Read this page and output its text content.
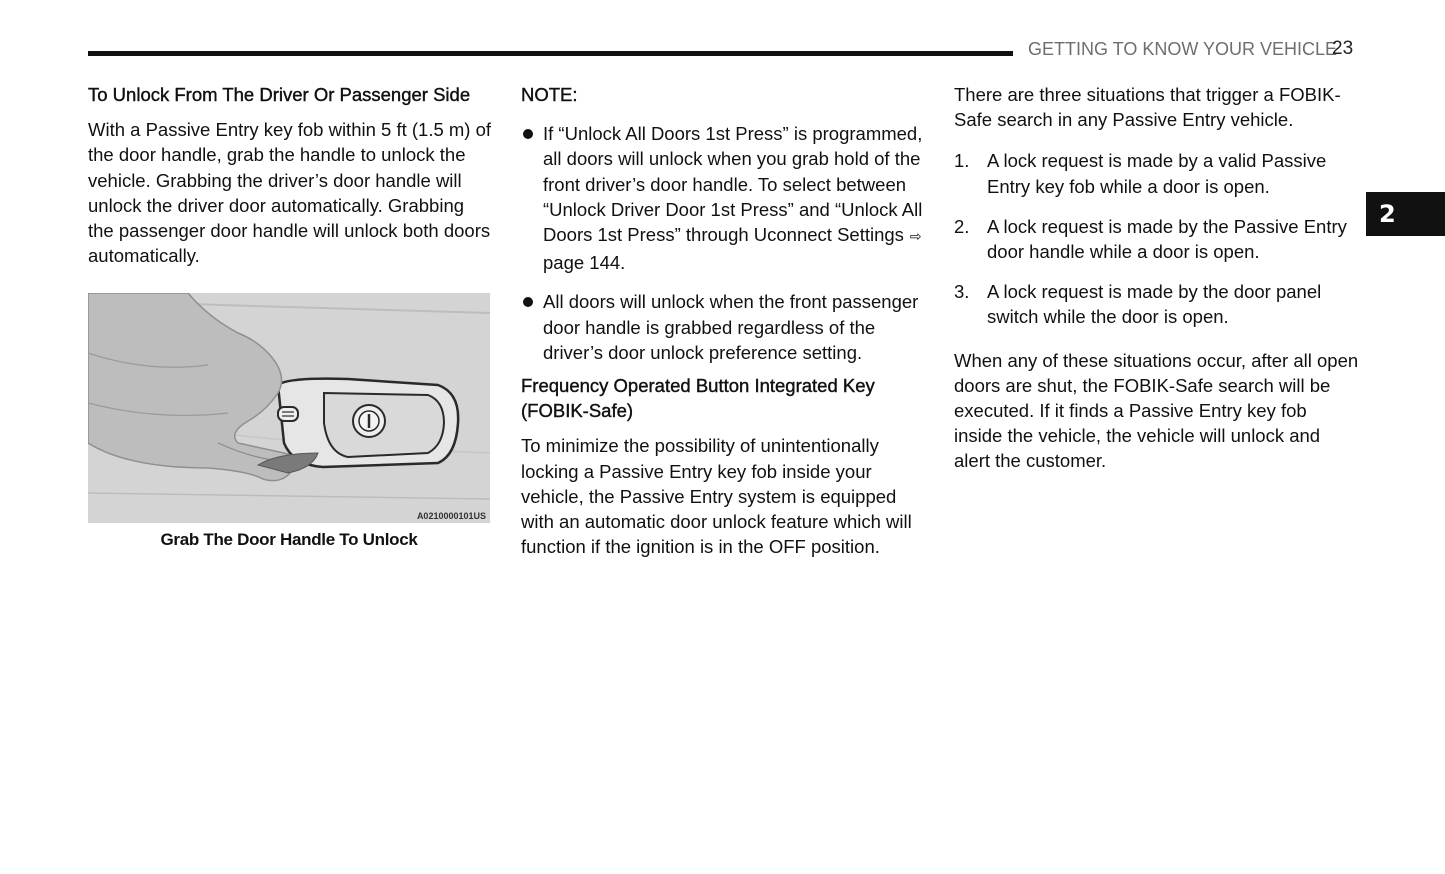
GETTING TO KNOW YOUR VEHICLE
23
2
To Unlock From The Driver Or Passenger Side

With a Passive Entry key fob within 5 ft (1.5 m) of the door handle, grab the handle to unlock the vehicle. Grabbing the driver’s door handle will unlock the driver door automatically. Grabbing the passenger door handle will unlock both doors automatically.

A0210000101US
Grab The Door Handle To Unlock
NOTE:
If “Unlock All Doors 1st Press” is programmed, all doors will unlock when you grab hold of the front driver’s door handle. To select between “Unlock Driver Door 1st Press” and “Unlock All Doors 1st Press” through Uconnect Settings ⇨page 144.
All doors will unlock when the front passenger door handle is grabbed regardless of the driver’s door unlock preference setting.
Frequency Operated Button Integrated Key (FOBIK-Safe)

To minimize the possibility of unintentionally locking a Passive Entry key fob inside your vehicle, the Passive Entry system is equipped with an automatic door unlock feature which will function if the ignition is in the OFF position.

There are three situations that trigger a FOBIK-Safe search in any Passive Entry vehicle.

1. A lock request is made by a valid Passive Entry key fob while a door is open.
2. A lock request is made by the Passive Entry door handle while a door is open.
3. A lock request is made by the door panel switch while the door is open.

When any of these situations occur, after all open doors are shut, the FOBIK-Safe search will be executed. If it finds a Passive Entry key fob inside the vehicle, the vehicle will unlock and alert the customer.
